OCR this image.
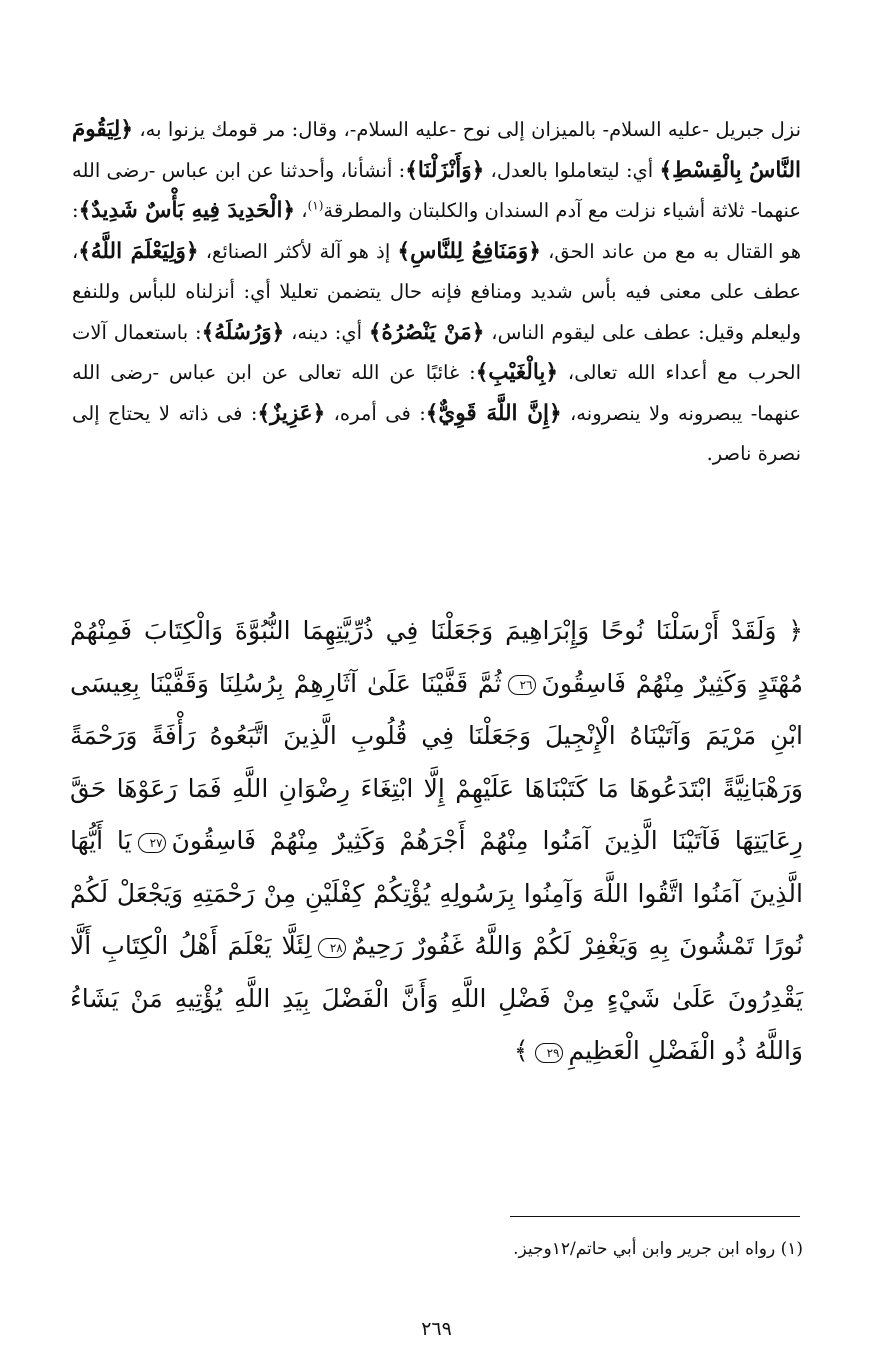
نزل جبريل -عليه السلام- بالميزان إلى نوح -عليه السلام-، وقال: مر قومك يزنوا به، ﴿لِيَقُومَ النَّاسُ بِالْقِسْطِ﴾ أي: ليتعاملوا بالعدل، ﴿وَأَنْزَلْنَا﴾: أنشأنا، وأحدثنا عن ابن عباس -رضى الله عنهما- ثلاثة أشياء نزلت مع آدم السندان والكلبتان والمطرقة$^{(١)}$، ﴿الْحَدِيدَ فِيهِ بَأْسٌ شَدِيدٌ﴾: هو القتال به مع من عاند الحق، ﴿وَمَنَافِعُ لِلنَّاسِ﴾ إذ هو آلة لأكثر الصنائع، ﴿وَلِيَعْلَمَ اللَّهُ﴾، عطف على معنى فيه بأس شديد ومنافع فإنه حال يتضمن تعليلا أي: أنزلناه للبأس وللنفع وليعلم وقيل: عطف على ليقوم الناس، ﴿مَنْ يَنْصُرُهُ﴾ أي: دينه، ﴿وَرُسُلَهُ﴾: باستعمال آلات الحرب مع أعداء الله تعالى، ﴿بِالْغَيْبِ﴾: غائبًا عن الله تعالى عن ابن عباس -رضى الله عنهما- يبصرونه ولا ينصرونه، ﴿إِنَّ اللَّهَ قَوِيٌّ﴾: فى أمره، ﴿عَزِيزٌ﴾: فى ذاته لا يحتاج إلى نصرة ناصر.

﴿ وَلَقَدْ أَرْسَلْنَا نُوحًا وَإِبْرَاهِيمَ وَجَعَلْنَا فِي ذُرِّيَّتِهِمَا النُّبُوَّةَ وَالْكِتَابَ فَمِنْهُمْ مُهْتَدٍ وَكَثِيرٌ مِنْهُمْ فَاسِقُونَ٢٦ثُمَّ قَفَّيْنَا عَلَىٰ آثَارِهِمْ بِرُسُلِنَا وَقَفَّيْنَا بِعِيسَى ابْنِ مَرْيَمَ وَآتَيْنَاهُ الْإِنْجِيلَ وَجَعَلْنَا فِي قُلُوبِ الَّذِينَ اتَّبَعُوهُ رَأْفَةً وَرَحْمَةً وَرَهْبَانِيَّةً ابْتَدَعُوهَا مَا كَتَبْنَاهَا عَلَيْهِمْ إِلَّا ابْتِغَاءَ رِضْوَانِ اللَّهِ فَمَا رَعَوْهَا حَقَّ رِعَايَتِهَا فَآتَيْنَا الَّذِينَ آمَنُوا مِنْهُمْ أَجْرَهُمْ وَكَثِيرٌ مِنْهُمْ فَاسِقُونَ٢٧يَا أَيُّهَا الَّذِينَ آمَنُوا اتَّقُوا اللَّهَ وَآمِنُوا بِرَسُولِهِ يُؤْتِكُمْ كِفْلَيْنِ مِنْ رَحْمَتِهِ وَيَجْعَلْ لَكُمْ نُورًا تَمْشُونَ بِهِ وَيَغْفِرْ لَكُمْ وَاللَّهُ غَفُورٌ رَحِيمٌ٢٨لِئَلَّا يَعْلَمَ أَهْلُ الْكِتَابِ أَلَّا يَقْدِرُونَ عَلَىٰ شَيْءٍ مِنْ فَضْلِ اللَّهِ وَأَنَّ الْفَضْلَ بِيَدِ اللَّهِ يُؤْتِيهِ مَنْ يَشَاءُ وَاللَّهُ ذُو الْفَضْلِ الْعَظِيمِ٢٩﴾

(١) رواه ابن جرير وابن أبي حاتم/١٢وجيز.

٢٦٩
